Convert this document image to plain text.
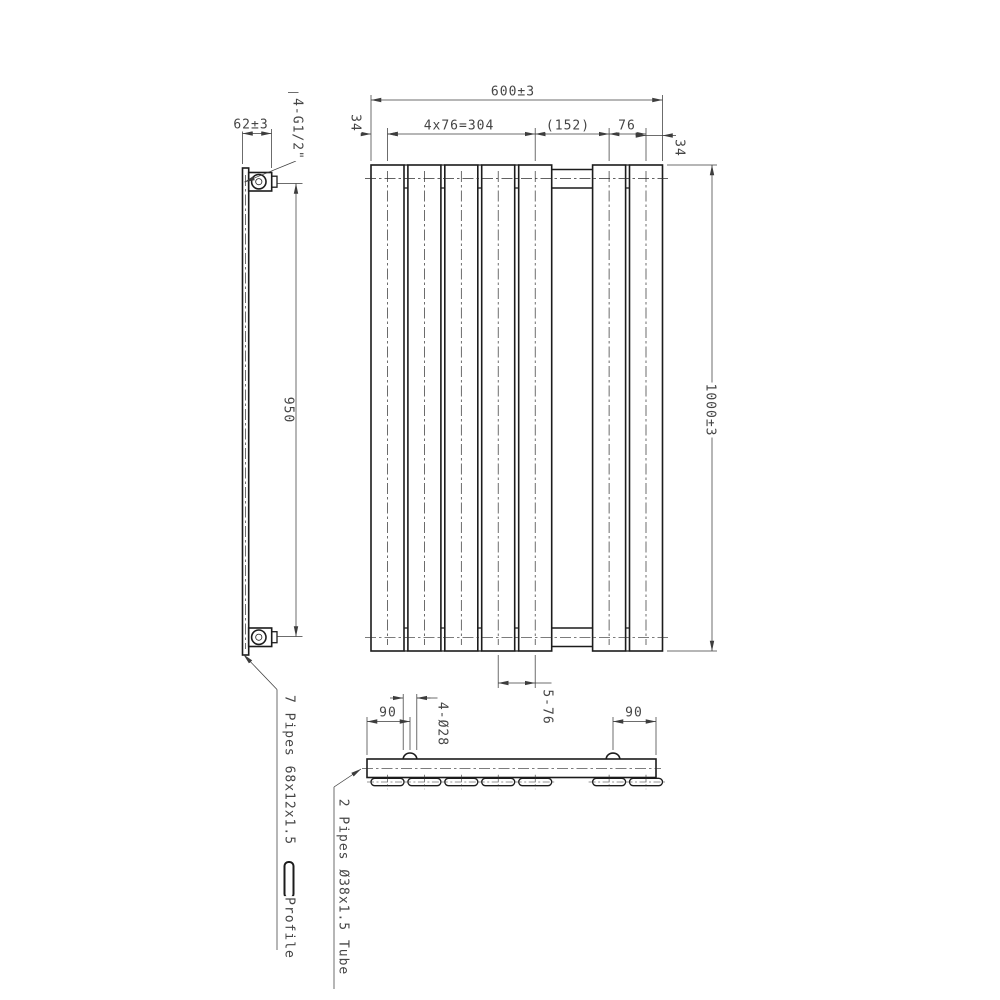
62±3 4-G1/2"
950
600±3
34	4x76=304	(152) 76
34
1000±3
5-76
90	4-Ø28	90
7 Pipes 68x12x1.5
Profile	2 Pipes Ø38x1.5 Tube
